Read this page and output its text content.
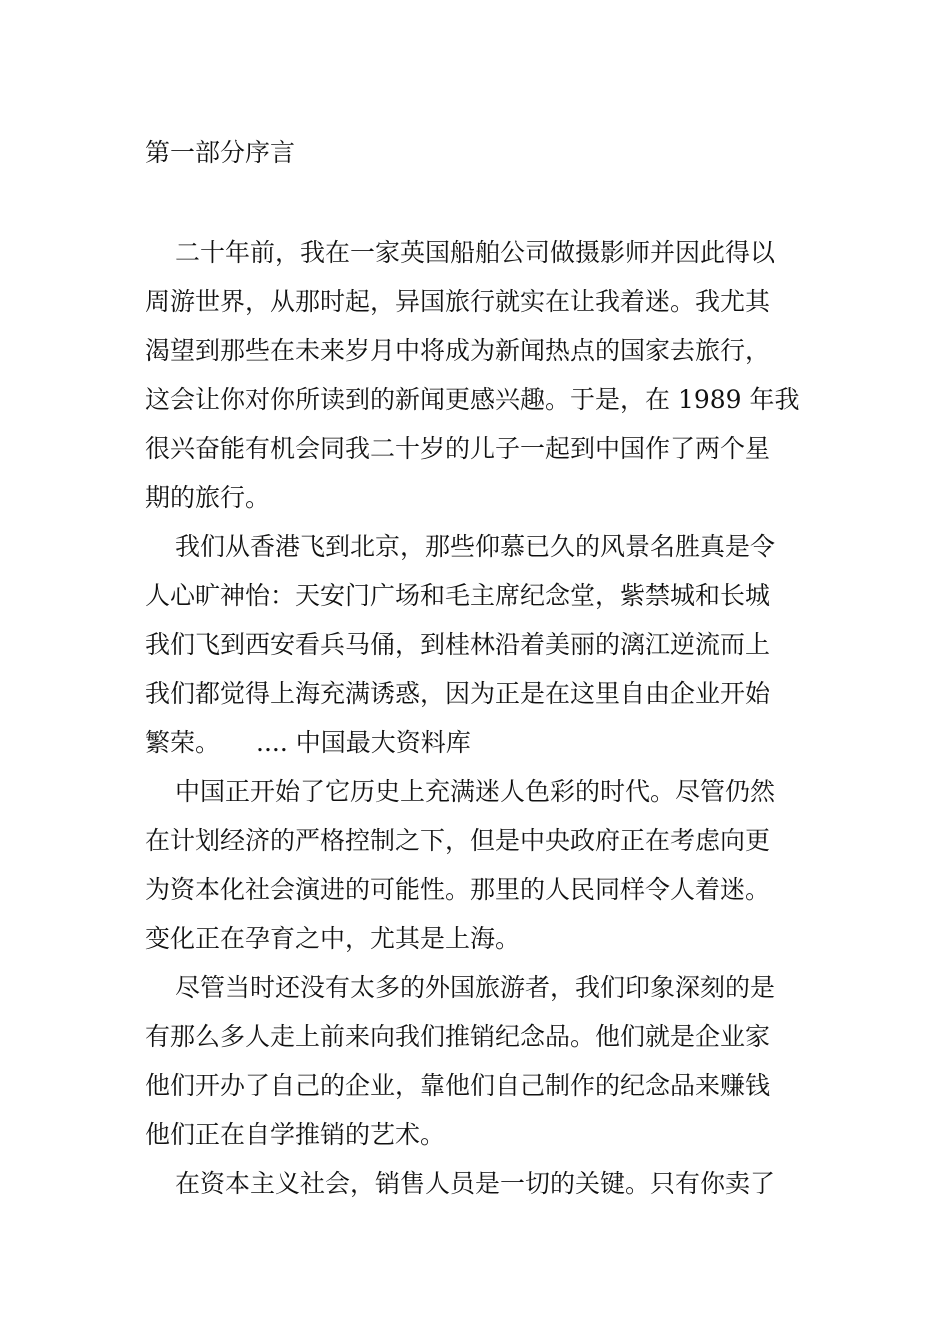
第一部分序言

二十年前，我在一家英国船舶公司做摄影师并因此得以
周游世界，从那时起，异国旅行就实在让我着迷。我尤其
渴望到那些在未来岁月中将成为新闻热点的国家去旅行，
这会让你对你所读到的新闻更感兴趣。于是，在 1989 年我
很兴奋能有机会同我二十岁的儿子一起到中国作了两个星
期的旅行。

我们从香港飞到北京，那些仰慕已久的风景名胜真是令
人心旷神怡：天安门广场和毛主席纪念堂，紫禁城和长城
我们飞到西安看兵马俑，到桂林沿着美丽的漓江逆流而上
我们都觉得上海充满诱惑，因为正是在这里自由企业开始
繁荣。 .... 中国最大资料库

中国正开始了它历史上充满迷人色彩的时代。尽管仍然
在计划经济的严格控制之下，但是中央政府正在考虑向更
为资本化社会演进的可能性。那里的人民同样令人着迷。
变化正在孕育之中，尤其是上海。

尽管当时还没有太多的外国旅游者，我们印象深刻的是
有那么多人走上前来向我们推销纪念品。他们就是企业家
他们开办了自己的企业，靠他们自己制作的纪念品来赚钱
他们正在自学推销的艺术。

在资本主义社会，销售人员是一切的关键。只有你卖了
